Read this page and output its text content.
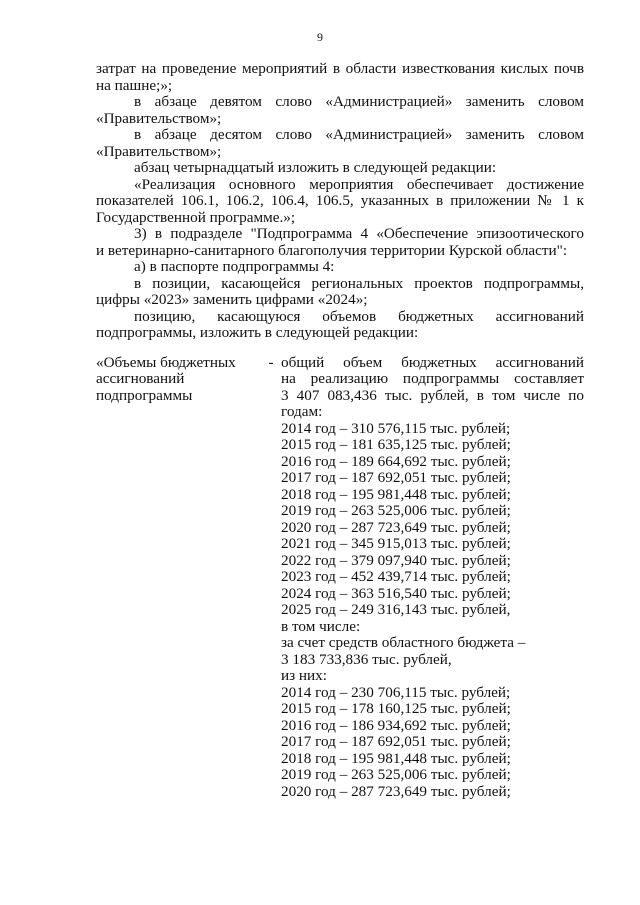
9

затрат на проведение мероприятий в области известкования кислых почв

на пашне;»;

в абзаце девятом слово «Администрацией» заменить словом

«Правительством»;

в абзаце десятом слово «Администрацией» заменить словом

«Правительством»;

абзац четырнадцатый изложить в следующей редакции:

«Реализация основного мероприятия обеспечивает достижение

показателей 106.1, 106.2, 106.4, 106.5, указанных в приложении № 1 к

Государственной программе.»;

3) в подразделе "Подпрограмма 4 «Обеспечение эпизоотического

и ветеринарно-санитарного благополучия территории Курской области":

а) в паспорте подпрограммы 4:

в позиции, касающейся региональных проектов подпрограммы,

цифры «2023» заменить цифрами «2024»;

позицию, касающуюся объемов бюджетных ассигнований

подпрограммы, изложить в следующей редакции:

«Объемы бюджетных

ассигнований

подпрограммы

- общий объем бюджетных ассигнований

на реализацию подпрограммы составляет

3 407 083,436 тыс. рублей, в том числе по

годам:

2014 год – 310 576,115 тыс. рублей;

2015 год – 181 635,125 тыс. рублей;

2016 год – 189 664,692 тыс. рублей;

2017 год – 187 692,051 тыс. рублей;

2018 год – 195 981,448 тыс. рублей;

2019 год – 263 525,006 тыс. рублей;

2020 год – 287 723,649 тыс. рублей;

2021 год – 345 915,013 тыс. рублей;

2022 год – 379 097,940 тыс. рублей;

2023 год – 452 439,714 тыс. рублей;

2024 год – 363 516,540 тыс. рублей;

2025 год – 249 316,143 тыс. рублей,

в том числе:

за счет средств областного бюджета –

3 183 733,836 тыс. рублей,

из них:

2014 год – 230 706,115 тыс. рублей;

2015 год – 178 160,125 тыс. рублей;

2016 год – 186 934,692 тыс. рублей;

2017 год – 187 692,051 тыс. рублей;

2018 год – 195 981,448 тыс. рублей;

2019 год – 263 525,006 тыс. рублей;

2020 год – 287 723,649 тыс. рублей;
